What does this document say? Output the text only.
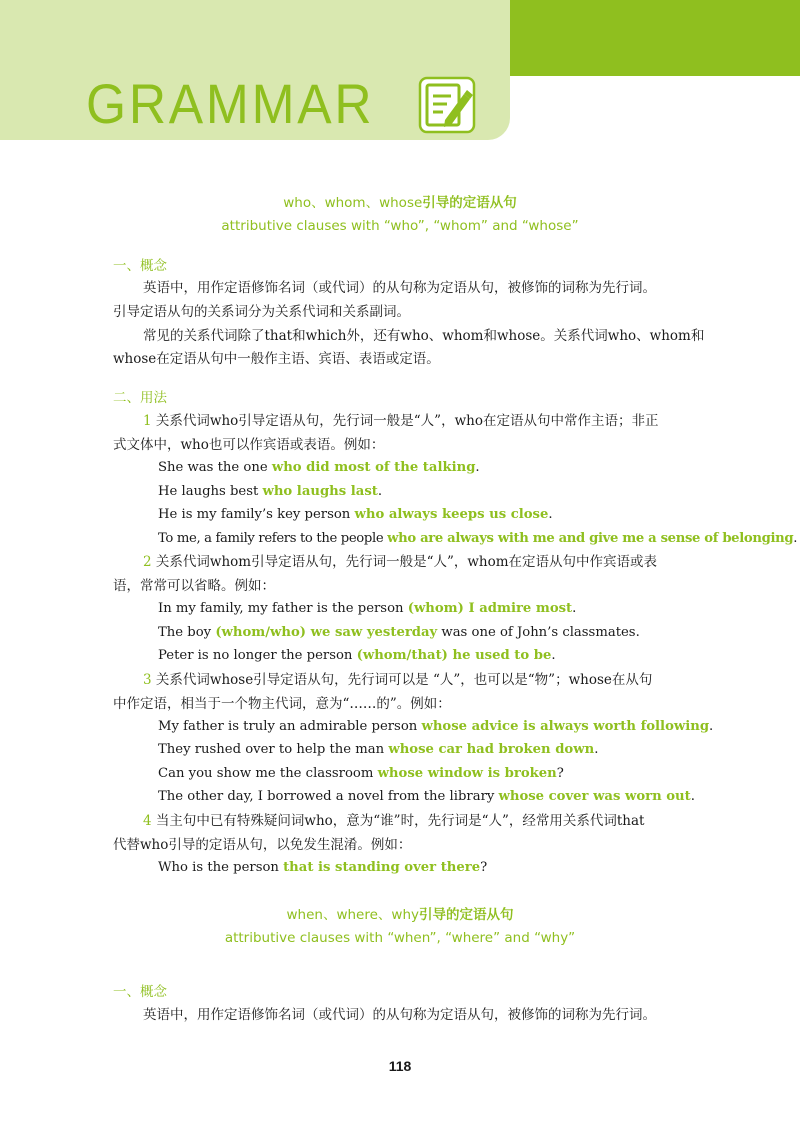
GRAMMAR
who、whom、whose引导的定语从句
attributive clauses with “who”, “whom” and “whose”
一、概念
英语中，用作定语修饰名词（或代词）的从句称为定语从句，被修饰的词称为先行词。
引导定语从句的关系词分为关系代词和关系副词。
常见的关系代词除了that和which外，还有who、whom和whose。关系代词who、whom和
whose在定语从句中一般作主语、宾语、表语或定语。
二、用法
1 关系代词who引导定语从句，先行词一般是“人”，who在定语从句中常作主语；非正
式文体中，who也可以作宾语或表语。例如：
She was the one who did most of the talking.
He laughs best who laughs last.
He is my family’s key person who always keeps us close.
To me, a family refers to the people who are always with me and give me a sense of belonging.
2 关系代词whom引导定语从句，先行词一般是“人”，whom在定语从句中作宾语或表
语，常常可以省略。例如：
In my family, my father is the person (whom) I admire most.
The boy (whom/who) we saw yesterday was one of John’s classmates.
Peter is no longer the person (whom/that) he used to be.
3 关系代词whose引导定语从句，先行词可以是 “人”，也可以是“物”；whose在从句
中作定语，相当于一个物主代词，意为“……的”。例如：
My father is truly an admirable person whose advice is always worth following.
They rushed over to help the man whose car had broken down.
Can you show me the classroom whose window is broken?
The other day, I borrowed a novel from the library whose cover was worn out.
4 当主句中已有特殊疑问词who，意为“谁”时，先行词是“人”，经常用关系代词that
代替who引导的定语从句，以免发生混淆。例如：
Who is the person that is standing over there?
when、where、why引导的定语从句
attributive clauses with “when”, “where” and “why”
一、概念
英语中，用作定语修饰名词（或代词）的从句称为定语从句，被修饰的词称为先行词。
118
